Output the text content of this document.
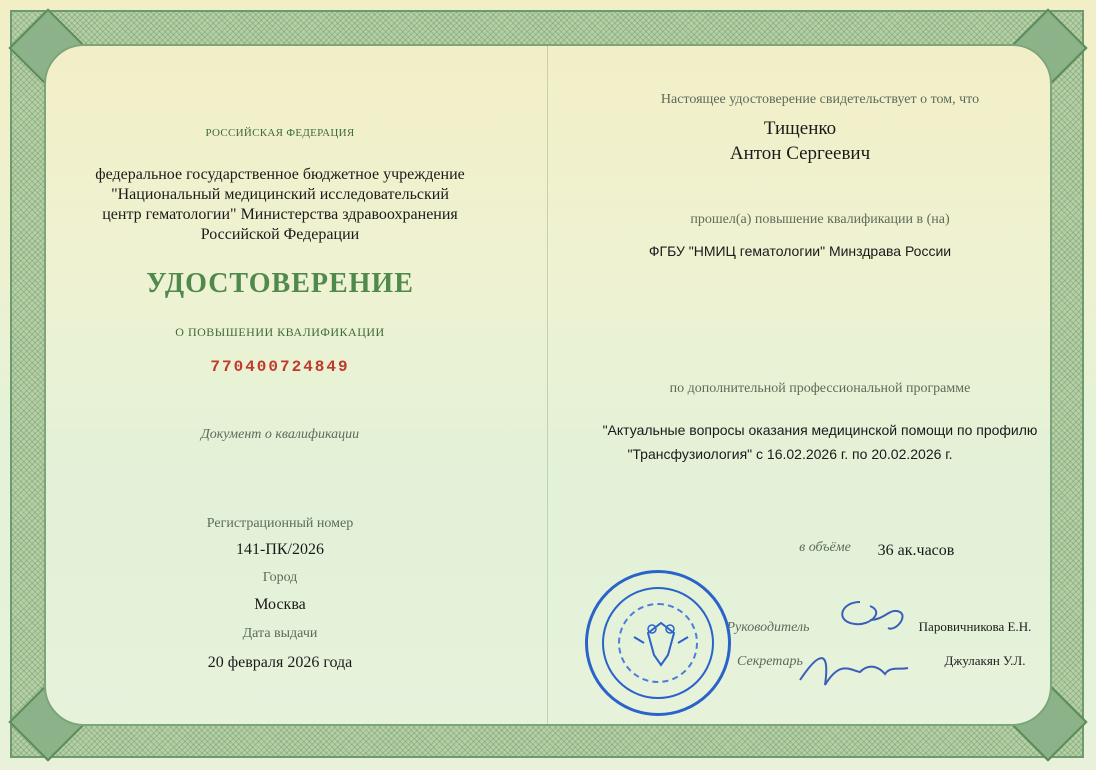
РОССИЙСКАЯ ФЕДЕРАЦИЯ
федеральное государственное бюджетное учреждение
"Национальный медицинский исследовательский
центр гематологии" Министерства здравоохранения
Российской Федерации
УДОСТОВЕРЕНИЕ
О ПОВЫШЕНИИ КВАЛИФИКАЦИИ
770400724849
Документ о квалификации
Регистрационный номер
141-ПК/2026
Город
Москва
Дата выдачи
20 февраля 2026 года
Настоящее удостоверение свидетельствует о том, что
Тищенко
Антон Сергеевич
прошел(а) повышение квалификации в (на)
ФГБУ "НМИЦ гематологии" Минздрава России
по дополнительной профессиональной программе
"Актуальные вопросы оказания медицинской помощи по профилю
"Трансфузиология" с 16.02.2026 г. по 20.02.2026 г.
в объёме	36 ак.часов
Руководитель	Паровичникова Е.Н.
Секретарь	Джулакян У.Л.
